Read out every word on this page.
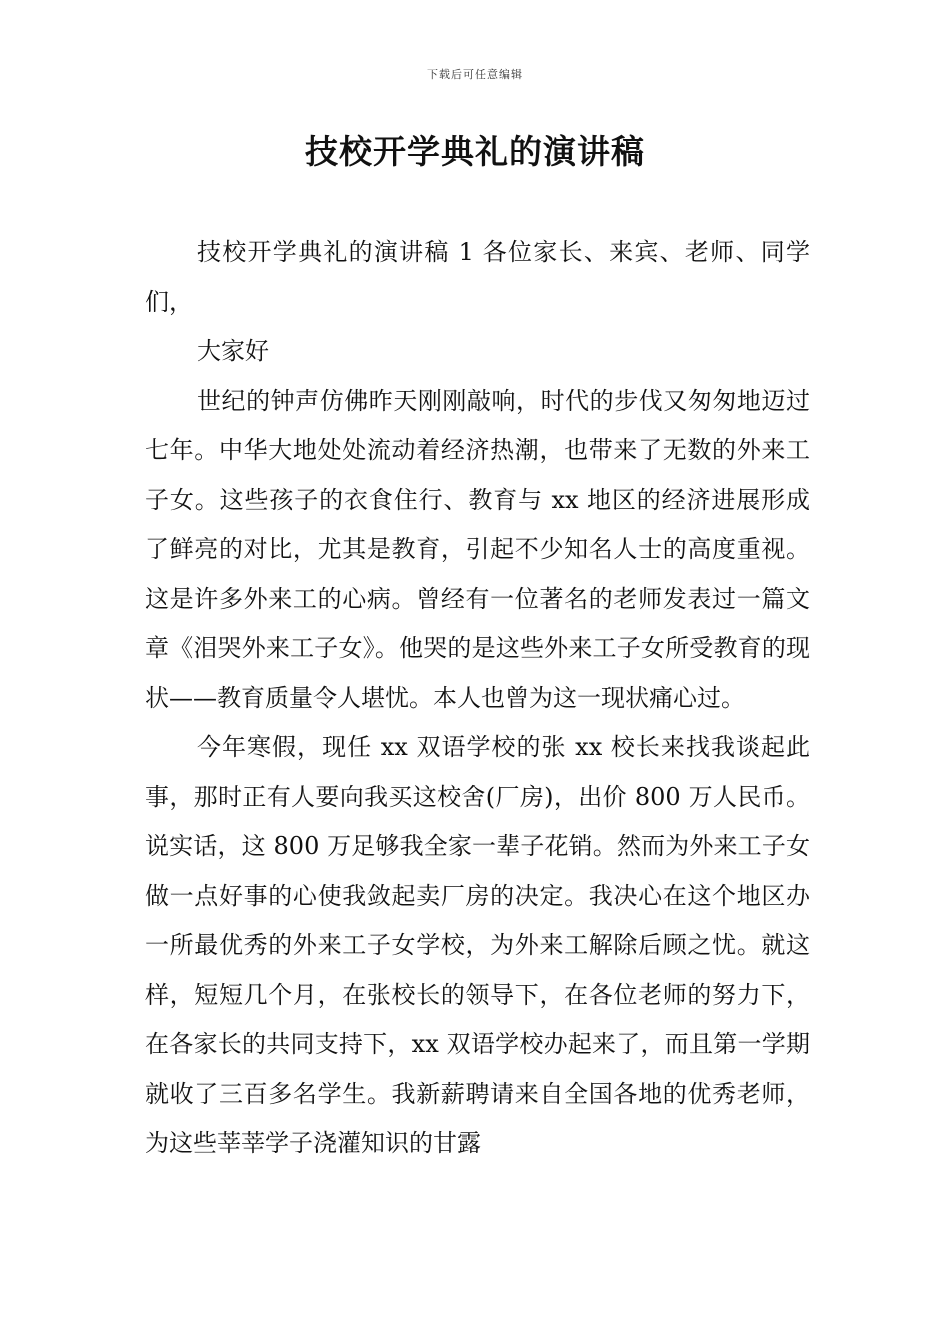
下载后可任意编辑
技校开学典礼的演讲稿

技校开学典礼的演讲稿 1 各位家长、来宾、老师、同学们，

大家好

世纪的钟声仿佛昨天刚刚敲响，时代的步伐又匆匆地迈过七年。中华大地处处流动着经济热潮，也带来了无数的外来工子女。这些孩子的衣食住行、教育与 xx 地区的经济进展形成了鲜亮的对比，尤其是教育，引起不少知名人士的高度重视。这是许多外来工的心病。曾经有一位著名的老师发表过一篇文章《泪哭外来工子女》。他哭的是这些外来工子女所受教育的现状——教育质量令人堪忧。本人也曾为这一现状痛心过。

今年寒假，现任 xx 双语学校的张 xx 校长来找我谈起此事，那时正有人要向我买这校舍(厂房)，出价 800 万人民币。说实话，这 800 万足够我全家一辈子花销。然而为外来工子女做一点好事的心使我敛起卖厂房的决定。我决心在这个地区办一所最优秀的外来工子女学校，为外来工解除后顾之忧。就这样，短短几个月，在张校长的领导下，在各位老师的努力下，在各家长的共同支持下，xx 双语学校办起来了，而且第一学期就收了三百多名学生。我新薪聘请来自全国各地的优秀老师，为这些莘莘学子浇灌知识的甘露
